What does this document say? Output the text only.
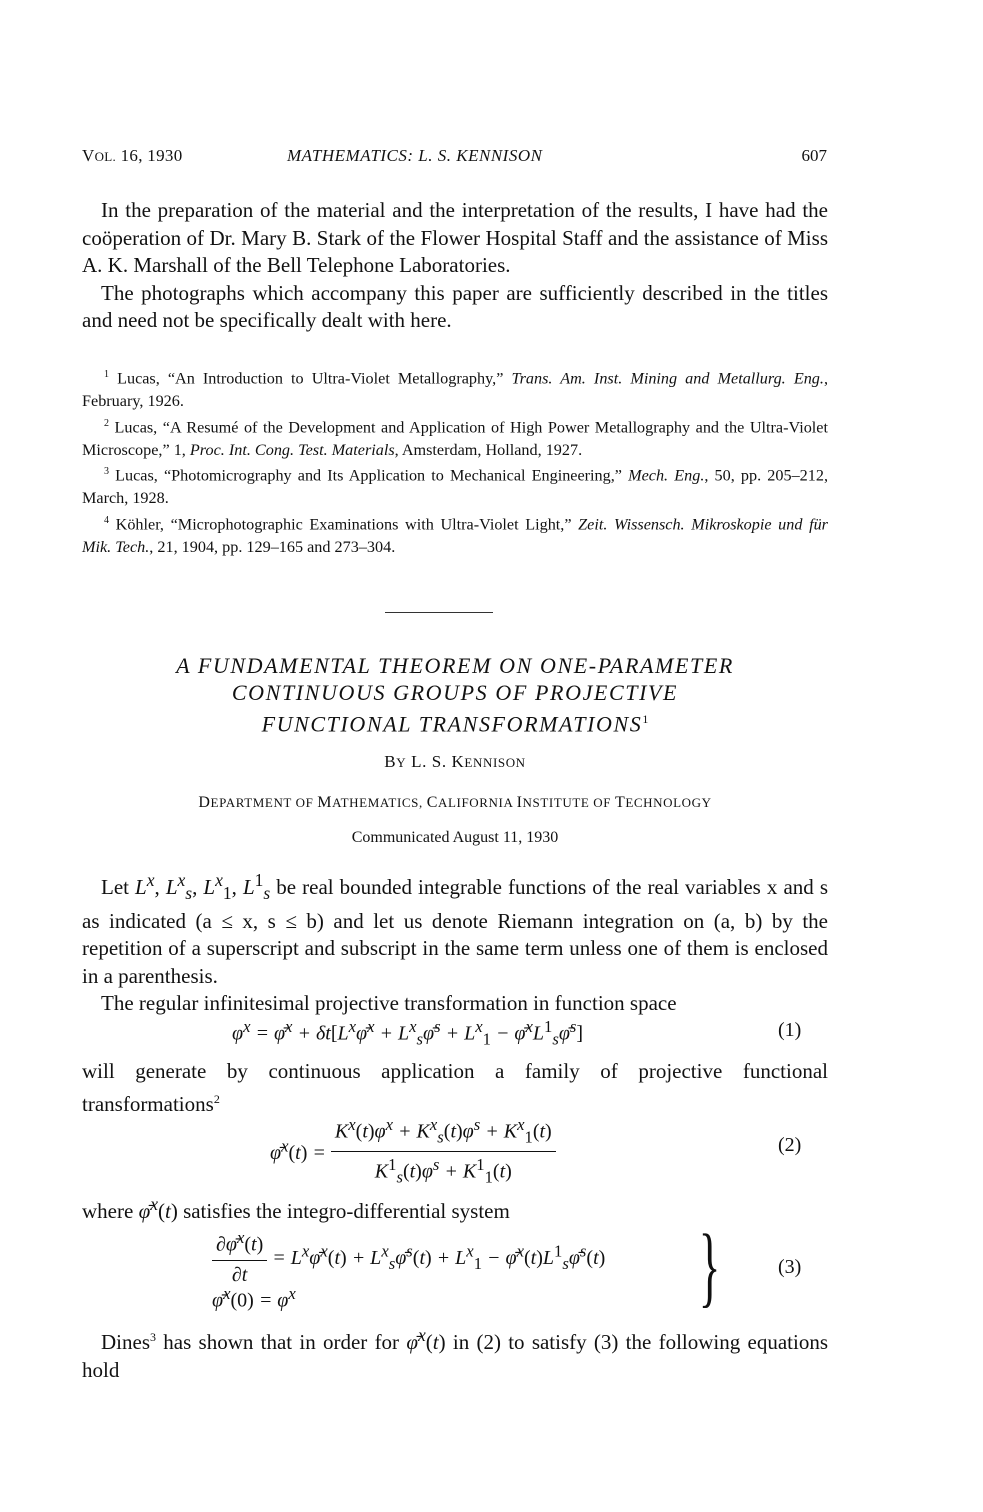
VOL. 16, 1930	MATHEMATICS: L. S. KENNISON	607

In the preparation of the material and the interpretation of the results, I have had the coöperation of Dr. Mary B. Stark of the Flower Hospital Staff and the assistance of Miss A. K. Marshall of the Bell Telephone Laboratories.

The photographs which accompany this paper are sufficiently described in the titles and need not be specifically dealt with here.

$^1$ Lucas, “An Introduction to Ultra-Violet Metallography,” Trans. Am. Inst. Mining and Metallurg. Eng., February, 1926.

$^2$ Lucas, “A Resumé of the Development and Application of High Power Metallography and the Ultra-Violet Microscope,” 1, Proc. Int. Cong. Test. Materials, Amsterdam, Holland, 1927.

$^3$ Lucas, “Photomicrography and Its Application to Mechanical Engineering,” Mech. Eng., 50, pp. 205–212, March, 1928.

$^4$ Köhler, “Microphotographic Examinations with Ultra-Violet Light,” Zeit. Wissensch. Mikroskopie und für Mik. Tech., 21, 1904, pp. 129–165 and 273–304.

A FUNDAMENTAL THEOREM ON ONE-PARAMETER
CONTINUOUS GROUPS OF PROJECTIVE
FUNCTIONAL TRANSFORMATIONS$^1$
BY L. S. KENNISON
DEPARTMENT OF MATHEMATICS, CALIFORNIA INSTITUTE OF TECHNOLOGY
Communicated August 11, 1930

Let $L^x$, $L^x_s$, $L^x_1$, $L^1_s$ be real bounded integrable functions of the real variables x and s as indicated (a ≤ x, s ≤ b) and let us denote Riemann integration on (a, b) by the repetition of a superscript and subscript in the same term unless one of them is enclosed in a parenthesis.

The regular infinitesimal projective transformation in function space

$\varphi^x$ = φ̄$^x$ + $\delta t[L^x\varphī^x$ + $L^x_s\varphī^s + L^x_1$ − $\varphī^xL^1_s\varphī^s$]	(1)

will generate by continuous application a family of projective functional transformations$^2$

φ̄$^x$(t) = $\frac{K^x(t)\varphi^x + K^x_s(t)\varphi^s + K^x_1(t)}{K^1_s(t)\varphi^s + K^1_1(t)}$	(2)

where φ̄$^x$(t) satisfies the integro-differential system

$\frac{\partial\varphī^x(t)}{\partial t}$ = $L^x\varphī^x(t)$ + $L^x_s\varphī^s(t) + L^x_1$ − $\varphī^x(t)L^1_s\varphī^s(t)$
φ̄$^x$(0) = $\varphi^x$	}	(3)

Dines$^3$ has shown that in order for φ̄$^x$(t) in (2) to satisfy (3) the following equations hold
